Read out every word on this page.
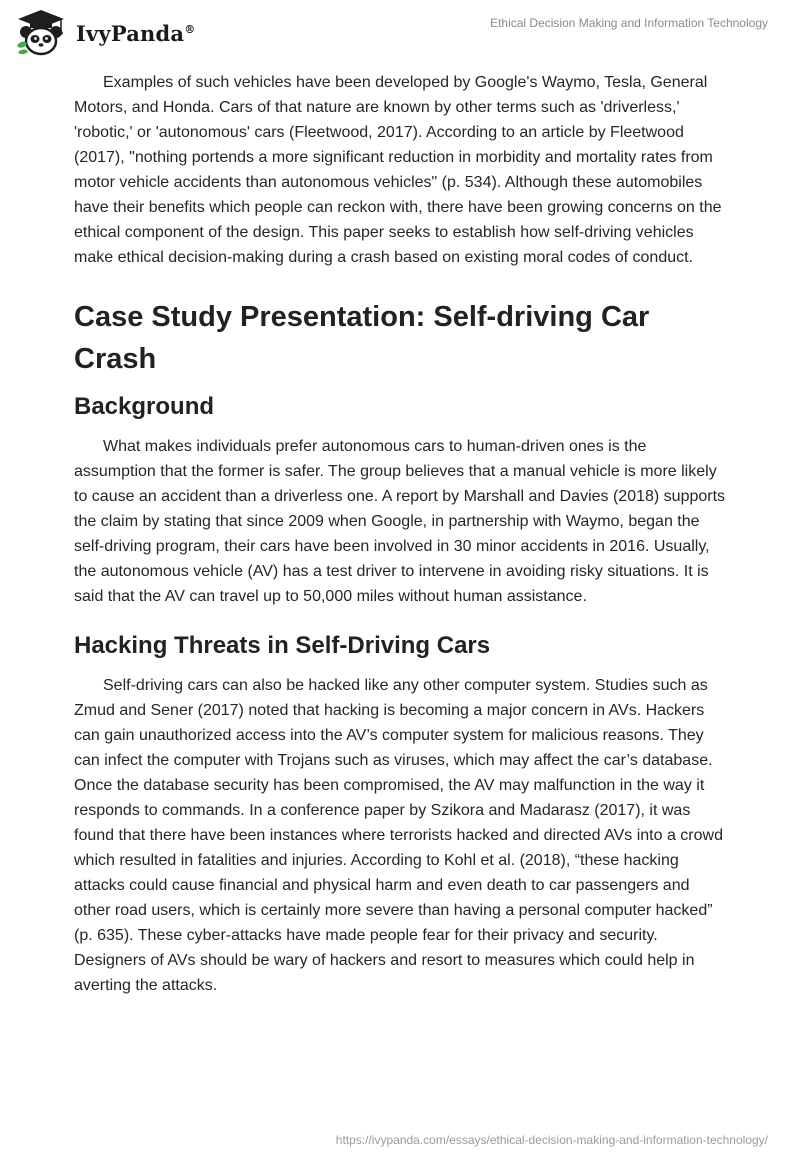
IvyPanda®	Ethical Decision Making and Information Technology

Examples of such vehicles have been developed by Google's Waymo, Tesla, General Motors, and Honda. Cars of that nature are known by other terms such as 'driverless,' 'robotic,' or 'autonomous' cars (Fleetwood, 2017). According to an article by Fleetwood (2017), "nothing portends a more significant reduction in morbidity and mortality rates from motor vehicle accidents than autonomous vehicles" (p. 534). Although these automobiles have their benefits which people can reckon with, there have been growing concerns on the ethical component of the design. This paper seeks to establish how self-driving vehicles make ethical decision-making during a crash based on existing moral codes of conduct.

Case Study Presentation: Self-driving Car Crash
Background

What makes individuals prefer autonomous cars to human-driven ones is the assumption that the former is safer. The group believes that a manual vehicle is more likely to cause an accident than a driverless one. A report by Marshall and Davies (2018) supports the claim by stating that since 2009 when Google, in partnership with Waymo, began the self-driving program, their cars have been involved in 30 minor accidents in 2016. Usually, the autonomous vehicle (AV) has a test driver to intervene in avoiding risky situations. It is said that the AV can travel up to 50,000 miles without human assistance.

Hacking Threats in Self-Driving Cars

Self-driving cars can also be hacked like any other computer system. Studies such as Zmud and Sener (2017) noted that hacking is becoming a major concern in AVs. Hackers can gain unauthorized access into the AV’s computer system for malicious reasons. They can infect the computer with Trojans such as viruses, which may affect the car’s database. Once the database security has been compromised, the AV may malfunction in the way it responds to commands. In a conference paper by Szikora and Madarasz (2017), it was found that there have been instances where terrorists hacked and directed AVs into a crowd which resulted in fatalities and injuries. According to Kohl et al. (2018), “these hacking attacks could cause financial and physical harm and even death to car passengers and other road users, which is certainly more severe than having a personal computer hacked” (p. 635). These cyber-attacks have made people fear for their privacy and security. Designers of AVs should be wary of hackers and resort to measures which could help in averting the attacks.

https://ivypanda.com/essays/ethical-decision-making-and-information-technology/
